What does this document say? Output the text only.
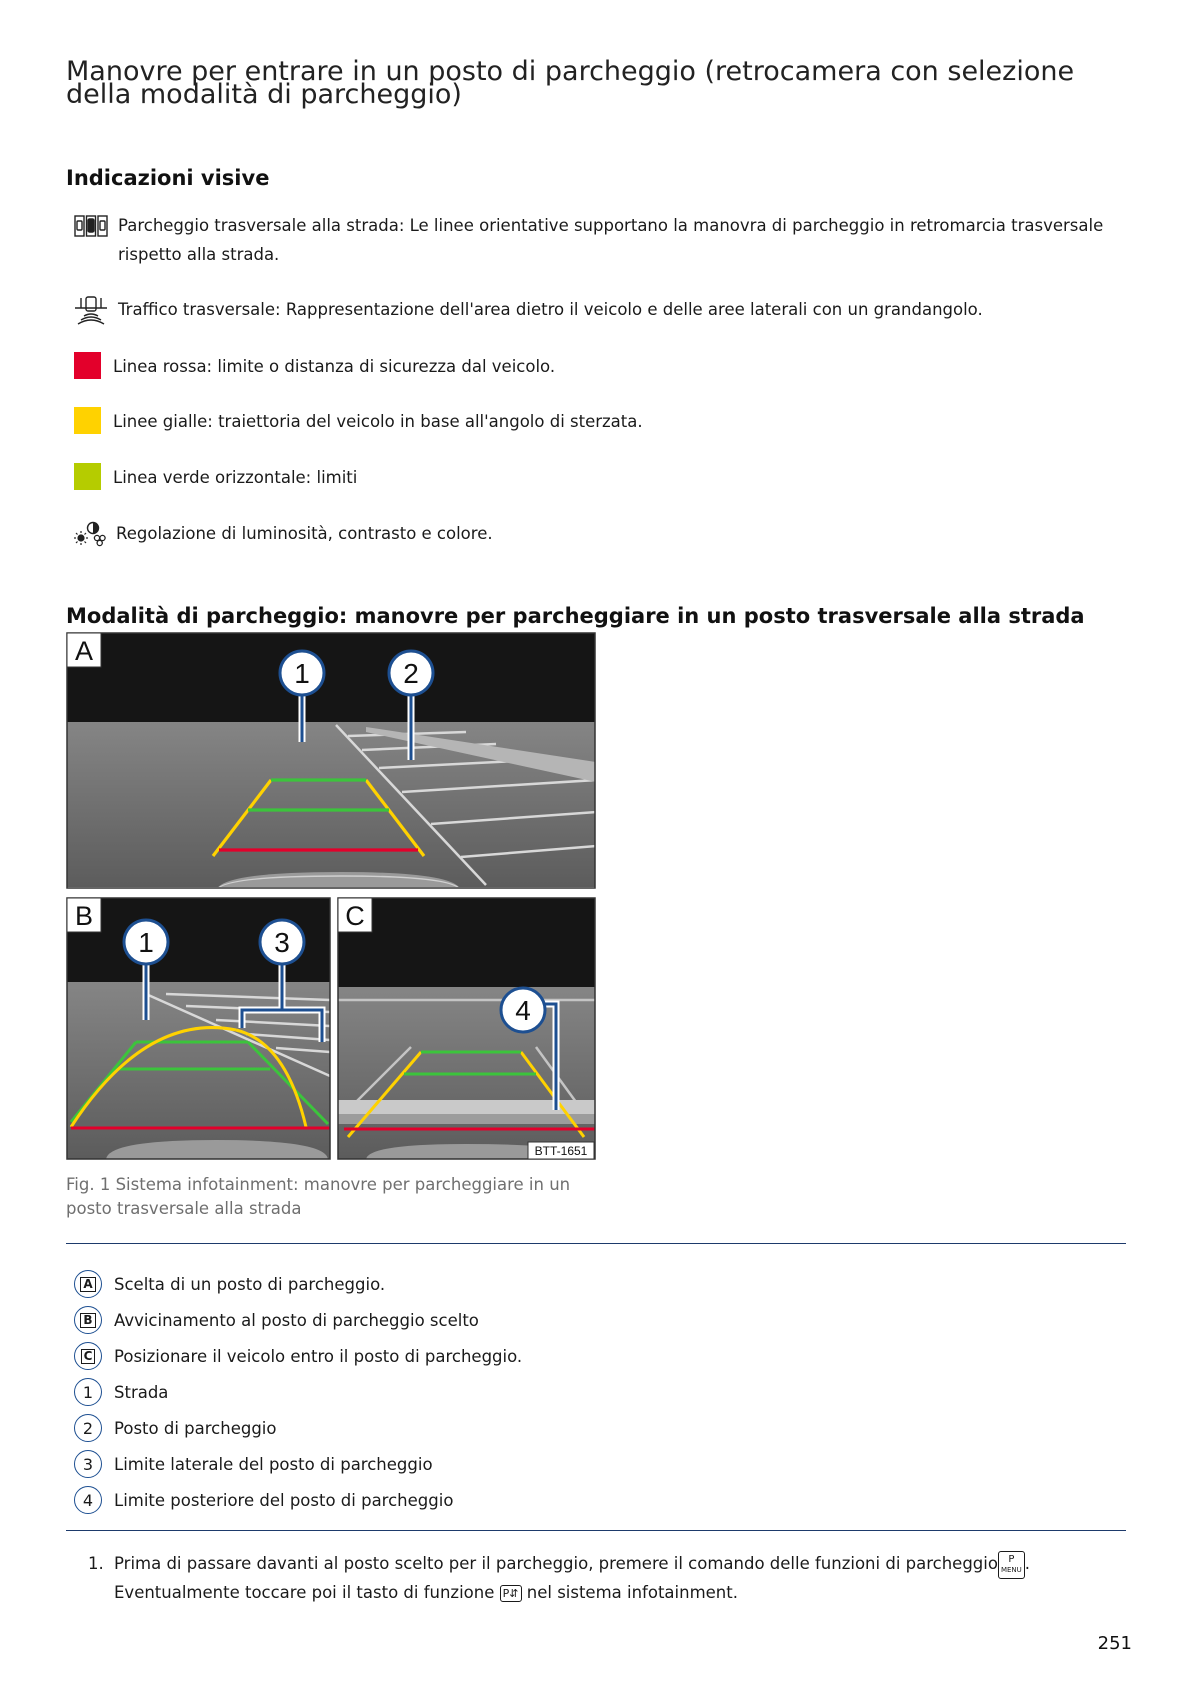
Manovre per entrare in un posto di parcheggio (retrocamera con selezione della modalità di parcheggio)
Indicazioni visive
Parcheggio trasversale alla strada: Le linee orientative supportano la manovra di parcheggio in retromarcia trasversale rispetto alla strada.
Traffico trasversale: Rappresentazione dell'area dietro il veicolo e delle aree laterali con un grandangolo.
Linea rossa: limite o distanza di sicurezza dal veicolo.
Linee gialle: traiettoria del veicolo in base all'angolo di sterzata.
Linea verde orizzontale: limiti
Regolazione di luminosità, contrasto e colore.
Modalità di parcheggio: manovre per parcheggiare in un posto trasversale alla strada
A
B	C
1	2
1	3
4
BTT-1651
Fig. 1 Sistema infotainment: manovre per parcheggiare in un posto trasversale alla strada
A Scelta di un posto di parcheggio.
B Avvicinamento al posto di parcheggio scelto
C Posizionare il veicolo entro il posto di parcheggio.
1	Strada
2	Posto di parcheggio
3	Limite laterale del posto di parcheggio
4	Limite posteriore del posto di parcheggio
1. Prima di passare davanti al posto scelto per il parcheggio, premere il comando delle funzioni di parcheggio	P
MENU .
Eventualmente toccare poi il tasto di funzione P⇵ nel sistema infotainment.
251
